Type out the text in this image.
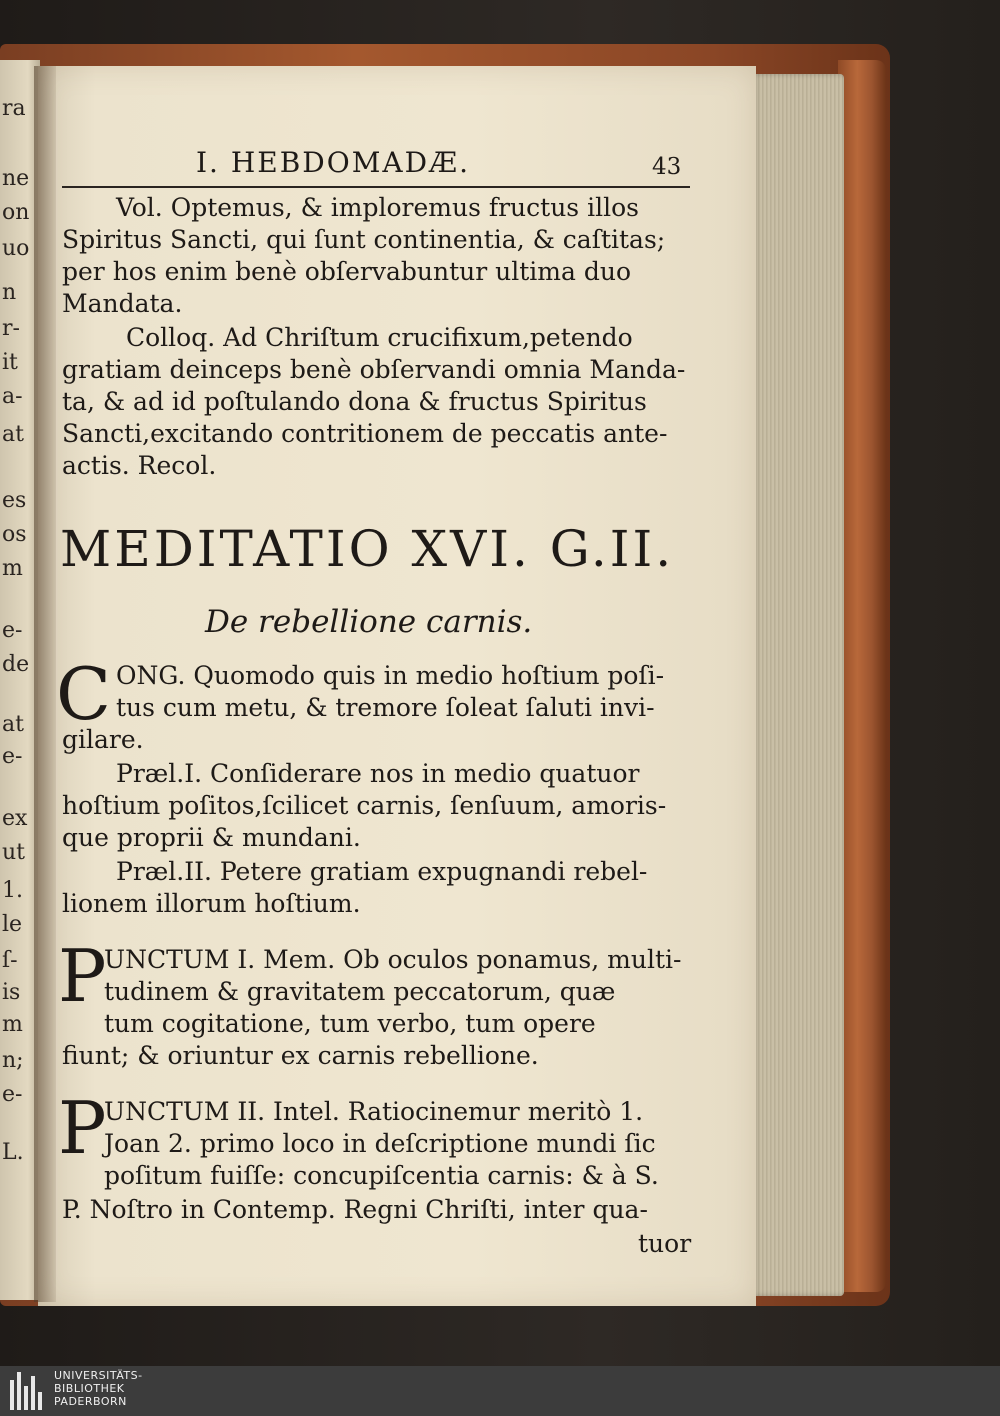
ra
ne
on
uo
n
r-
it
a-
at
es
os
m
e-
de
at
e-
ex
ut
1.
le
ſ-
is
m
n;
e-
L.
I. HEBDOMADÆ.	43
Vol. Optemus, & imploremus fructus illos
Spiritus Sancti, qui ſunt continentia, & caſtitas;
per hos enim benè obſervabuntur ultima duo
Mandata.
Colloq. Ad Chriſtum crucifixum,petendo
gratiam deinceps benè obſervandi omnia Manda-
ta, & ad id poſtulando dona & fructus Spiritus
Sancti,excitando contritionem de peccatis ante-
actis. Recol.
MEDITATIO XVI. G.II.
De rebellione carnis.
C ONG. Quomodo quis in medio hoſtium poſi-
tus cum metu, & tremore ſoleat ſaluti invi-
gilare.
Præl.I. Conſiderare nos in medio quatuor
hoſtium poſitos,ſcilicet carnis, ſenſuum, amoris-
que proprii & mundani.
Præl.II. Petere gratiam expugnandi rebel-
lionem illorum hoſtium.
P
UNCTUM I. Mem. Ob oculos ponamus, multi-
tudinem & gravitatem peccatorum, quæ
tum cogitatione, tum verbo, tum opere
fiunt; & oriuntur ex carnis rebellione.
P
UNCTUM II. Intel. Ratiocinemur meritò 1.
Joan 2. primo loco in deſcriptione mundi ſic
poſitum fuiſſe: concupiſcentia carnis: & à S.
P. Noſtro in Contemp. Regni Chriſti, inter qua-
tuor
UNIVERSITÄTS-
BIBLIOTHEK
PADERBORN
